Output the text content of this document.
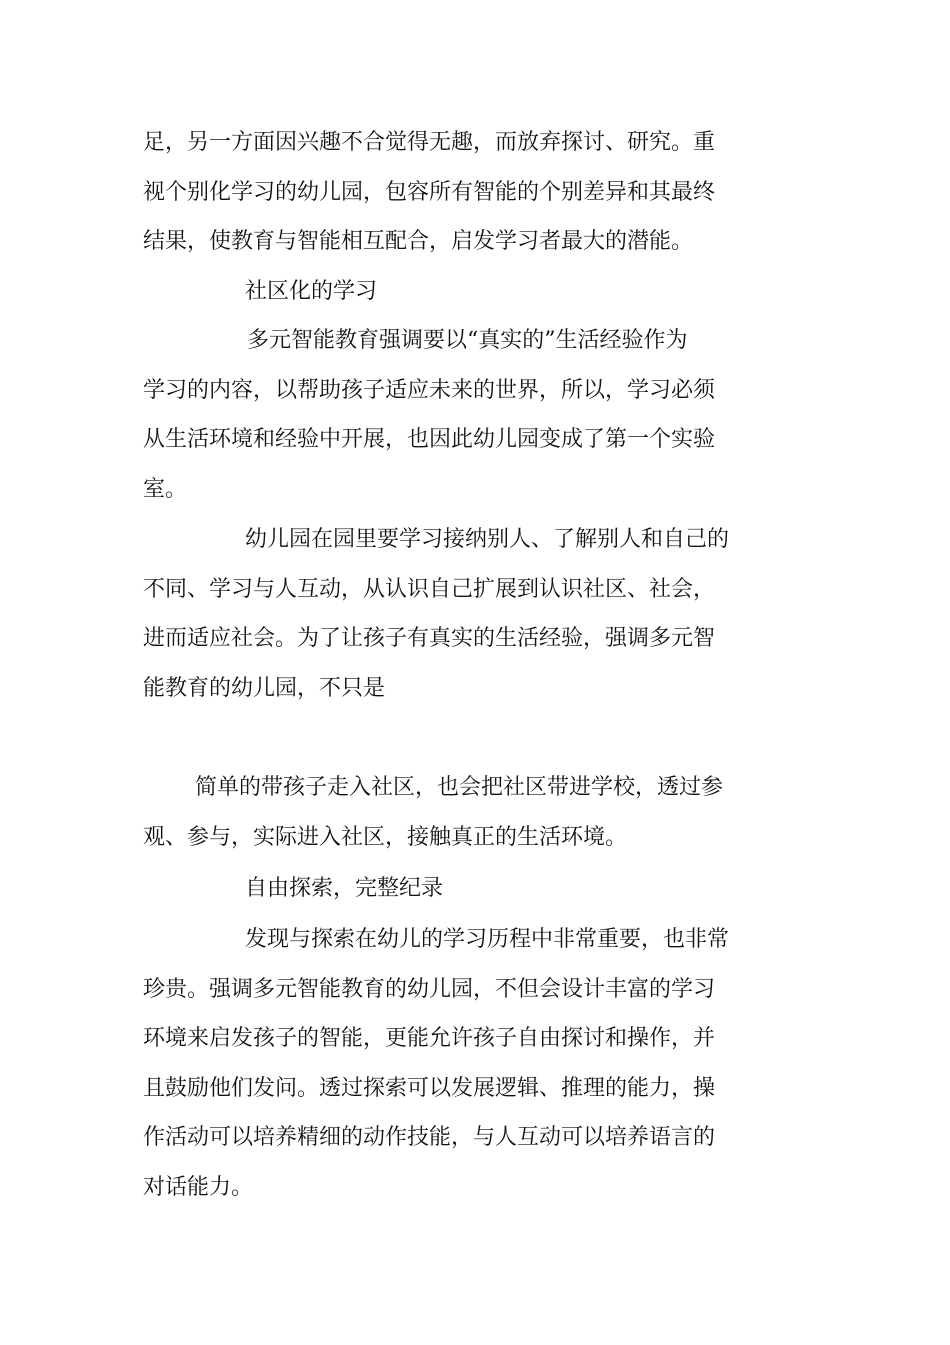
足，另一方面因兴趣不合觉得无趣，而放弃探讨、研究。重
视个别化学习的幼儿园，包容所有智能的个别差异和其最终
结果，使教育与智能相互配合，启发学习者最大的潜能。

社区化的学习

多元智能教育强调要以“真实的”生活经验作为
学习的内容，以帮助孩子适应未来的世界，所以，学习必须
从生活环境和经验中开展，也因此幼儿园变成了第一个实验
室。

幼儿园在园里要学习接纳别人、了解别人和自己的
不同、学习与人互动，从认识自己扩展到认识社区、社会，
进而适应社会。为了让孩子有真实的生活经验，强调多元智
能教育的幼儿园，不只是

简单的带孩子走入社区，也会把社区带进学校，透过参
观、参与，实际进入社区，接触真正的生活环境。

自由探索，完整纪录

发现与探索在幼儿的学习历程中非常重要，也非常
珍贵。强调多元智能教育的幼儿园，不但会设计丰富的学习
环境来启发孩子的智能，更能允许孩子自由探讨和操作，并
且鼓励他们发问。透过探索可以发展逻辑、推理的能力，操
作活动可以培养精细的动作技能，与人互动可以培养语言的
对话能力。
